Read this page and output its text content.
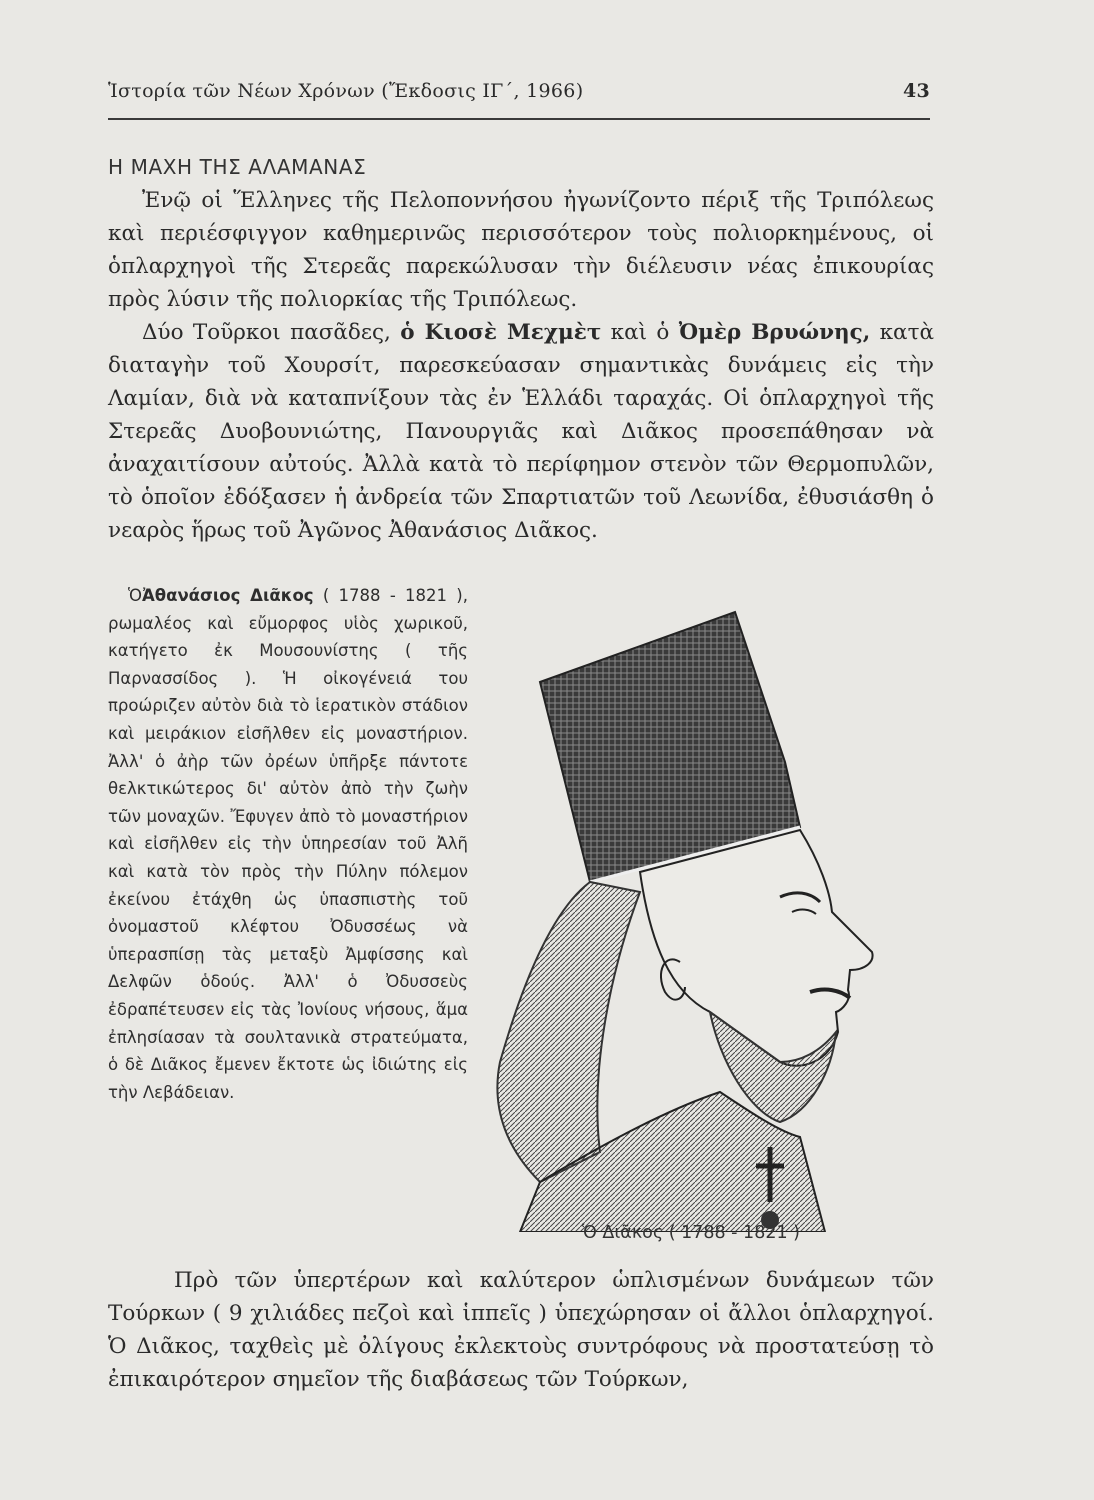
Ἱστορία τῶν Νέων Χρόνων (Ἔκδοσις ΙΓ΄, 1966)	43
Η ΜΑΧΗ ΤΗΣ ΑΛΑΜΑΝΑΣ

Ἐνῷ οἱ Ἕλληνες τῆς Πελοποννήσου ἠγωνίζοντο πέριξ τῆς Τριπόλεως καὶ περιέσφιγγον καθημερινῶς περισσότερον τοὺς πολιορκημένους, οἱ ὁπλαρχηγοὶ τῆς Στερεᾶς παρεκώλυσαν τὴν διέλευσιν νέας ἐπικουρίας πρὸς λύσιν τῆς πολιορκίας τῆς Τριπόλεως.

Δύο Τοῦρκοι πασᾶδες, ὁ Κιοσὲ Μεχμὲτ καὶ ὁ Ὀμὲρ Βρυώνης, κατὰ διαταγὴν τοῦ Χουρσίτ, παρεσκεύασαν σημαντικὰς δυνάμεις εἰς τὴν Λαμίαν, διὰ νὰ καταπνίξουν τὰς ἐν Ἑλλάδι ταραχάς. Οἱ ὁπλαρχηγοὶ τῆς Στερεᾶς Δυοβουνιώτης, Πανουργιᾶς καὶ Διᾶκος προσεπάθησαν νὰ ἀναχαιτίσουν αὐτούς. Ἀλλὰ κατὰ τὸ περίφημον στενὸν τῶν Θερμοπυλῶν, τὸ ὁποῖον ἐδόξασεν ἡ ἀνδρεία τῶν Σπαρτιατῶν τοῦ Λεωνίδα, ἐθυσιάσθη ὁ νεαρὸς ἥρως τοῦ Ἀγῶνος Ἀθανάσιος Διᾶκος.

ὉἈθανάσιος Διᾶκος ( 1788 - 1821 ), ρωμαλέος καὶ εὔμορφος υἱὸς χωρικοῦ, κατήγετο ἐκ Μουσουνίστης ( τῆς Παρνασσίδος ). Ἡ οἰκογένειά του προώριζεν αὐτὸν διὰ τὸ ἱερατικὸν στάδιον καὶ μειράκιον εἰσῆλθεν εἰς μοναστήριον. Ἀλλ' ὁ ἀὴρ τῶν ὀρέων ὑπῆρξε πάντοτε θελκτικώτερος δι' αὐτὸν ἀπὸ τὴν ζωὴν τῶν μοναχῶν. Ἔφυγεν ἀπὸ τὸ μοναστήριον καὶ εἰσῆλθεν εἰς τὴν ὑπηρεσίαν τοῦ Ἀλῆ καὶ κατὰ τὸν πρὸς τὴν Πύλην πόλεμον ἐκείνου ἐτάχθη ὡς ὑπασπιστὴς τοῦ ὀνομαστοῦ κλέφτου Ὀδυσσέως νὰ ὑπερασπίσῃ τὰς μεταξὺ Ἀμφίσσης καὶ Δελφῶν ὁδούς. Ἀλλ' ὁ Ὀδυσσεὺς ἐδραπέτευσεν εἰς τὰς Ἰονίους νήσους, ἅμα ἐπλησίασαν τὰ σουλτανικὰ στρατεύματα, ὁ δὲ Διᾶκος ἔμενεν ἔκτοτε ὡς ἰδιώτης εἰς τὴν Λεβάδειαν.

Ὁ Διᾶκος ( 1788 - 1821 )

Πρὸ τῶν ὑπερτέρων καὶ καλύτερον ὡπλισμένων δυνάμεων τῶν Τούρκων ( 9 χιλιάδες πεζοὶ καὶ ἱππεῖς ) ὑπεχώρησαν οἱ ἄλλοι ὁπλαρχηγοί. Ὁ Διᾶκος, ταχθεὶς μὲ ὀλίγους ἐκλεκτοὺς συντρόφους νὰ προστατεύσῃ τὸ ἐπικαιρότερον σημεῖον τῆς διαβάσεως τῶν Τούρκων,
